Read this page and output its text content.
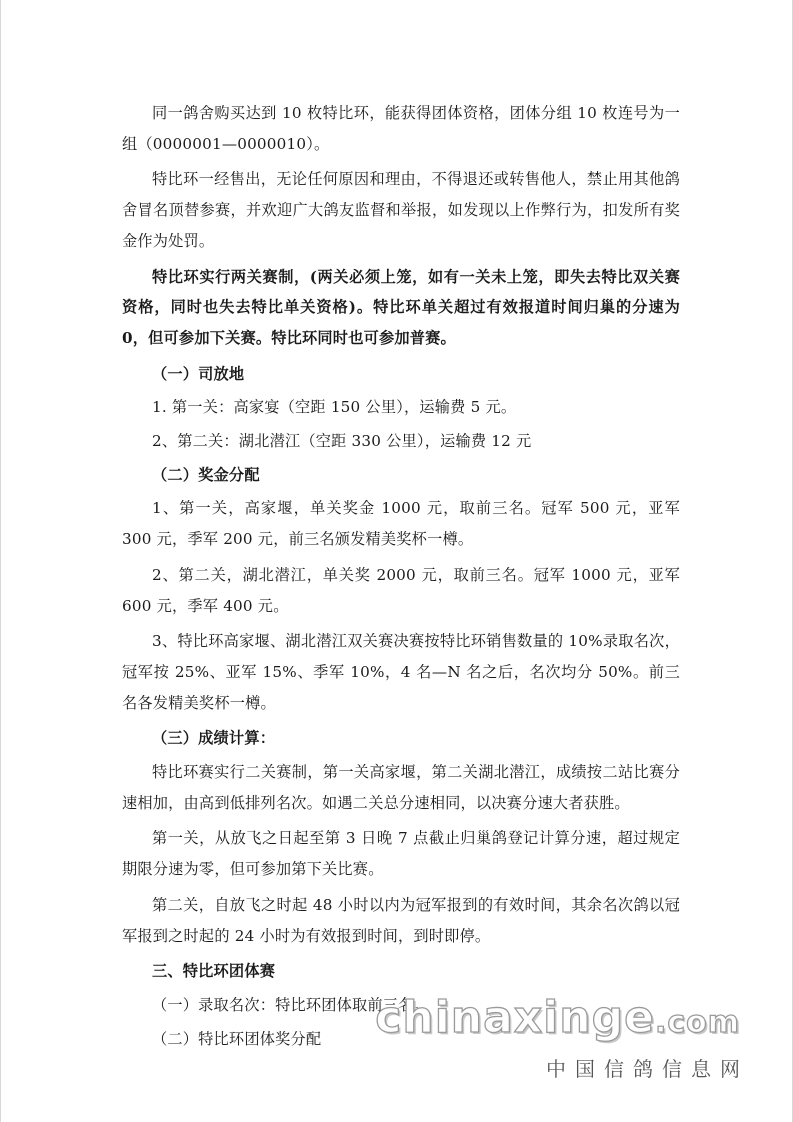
同一鸽舍购买达到 10 枚特比环，能获得团体资格，团体分组 10 枚连号为一组（0000001—0000010）。

特比环一经售出，无论任何原因和理由，不得退还或转售他人，禁止用其他鸽舍冒名顶替参赛，并欢迎广大鸽友监督和举报，如发现以上作弊行为，扣发所有奖金作为处罚。

特比环实行两关赛制，(两关必须上笼，如有一关未上笼，即失去特比双关赛资格，同时也失去特比单关资格)。特比环单关超过有效报道时间归巢的分速为 0，但可参加下关赛。特比环同时也可参加普赛。

（一）司放地

1. 第一关：高家宴（空距 150 公里），运输费 5 元。

2、第二关：湖北潜江（空距 330 公里），运输费 12 元

（二）奖金分配

1、第一关，高家堰，单关奖金 1000 元，取前三名。冠军 500 元，亚军 300 元，季军 200 元，前三名颁发精美奖杯一樽。

2、第二关，湖北潜江，单关奖 2000 元，取前三名。冠军 1000 元，亚军 600 元，季军 400 元。

3、特比环高家堰、湖北潜江双关赛决赛按特比环销售数量的 10%录取名次，冠军按 25%、亚军 15%、季军 10%，4 名—N 名之后，名次均分 50%。前三名各发精美奖杯一樽。

（三）成绩计算：

特比环赛实行二关赛制，第一关高家堰，第二关湖北潜江，成绩按二站比赛分速相加，由高到低排列名次。如遇二关总分速相同，以决赛分速大者获胜。

第一关，从放飞之日起至第 3 日晚 7 点截止归巢鸽登记计算分速，超过规定期限分速为零，但可参加第下关比赛。

第二关，自放飞之时起 48 小时以内为冠军报到的有效时间，其余名次鸽以冠军报到之时起的 24 小时为有效报到时间，到时即停。

三、特比环团体赛

（一）录取名次：特比环团体取前三名。

（二）特比环团体奖分配	chinaxinge.com
中国信鸽信息网
